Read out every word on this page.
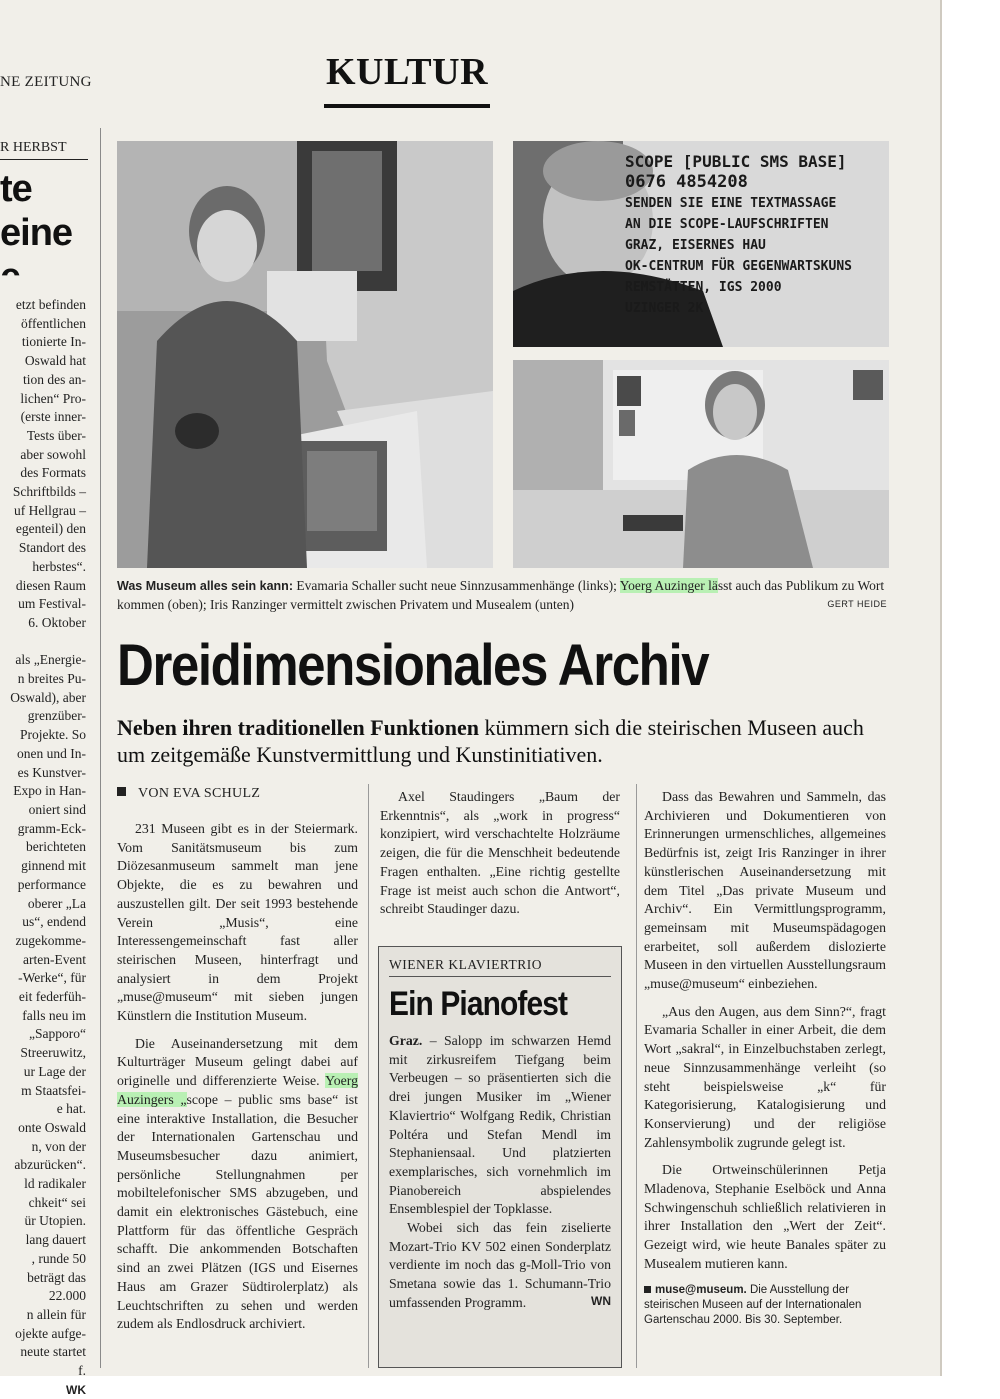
NE ZEITUNG	KULTUR
R HERBST
te
eine
etzt befinden
öffentlichen
tionierte In-
Oswald hat
tion des an-
lichen“ Pro-
(erste inner-
Tests über-
aber sowohl
des Formats
Schriftbilds –
uf Hellgrau –
egenteil) den
Standort des
herbstes“.
diesen Raum
um Festival-
6. Oktober

als „Energie-
n breites Pu-
Oswald), aber
grenzüber-
Projekte. So
onen und In-
es Kunstver-
Expo in Han-
oniert sind
gramm-Eck-
berichteten
ginnend mit
performance
oberer „La
us“, endend
zugekomme-
arten-Event
-Werke“, für
eit federfüh-
falls neu im
„Sapporo“
Streeruwitz,
ur Lage der
m Staatsfei-
e hat.
onte Oswald
n, von der
abzurücken“.
ld radikaler
chkeit“ sei
ür Utopien.
lang dauert
, runde 50
beträgt das
22.000
n allein für
ojekte aufge-
neute startet
f.
WK
SCOPE [PUBLIC SMS BASE]
0676 4854208
SENDEN SIE EINE TEXTMASSAGE
AN DIE SCOPE-LAUFSCHRIFTEN
GRAZ, EISERNES HAU
OK-CENTRUM FÜR GEGENWARTSKUNS
REMSTÄTTEN, IGS 2000
UZINGER 2K
Was Museum alles sein kann: Evamaria Schaller sucht neue Sinnzusammenhänge (links); Yoerg Auzinger lässt auch das Publikum zu Wort kommen (oben); Iris Ranzinger vermittelt zwischen Privatem und Musealem (unten)	GERT HEIDE
Dreidimensionales Archiv
Neben ihren traditionellen Funktionen kümmern sich die steirischen Museen auch um zeitgemäße Kunstvermittlung und Kunstinitiativen.
VON EVA SCHULZ

231 Museen gibt es in der Steiermark. Vom Sanitätsmuseum bis zum Diözesanmuseum sammelt man jene Objekte, die es zu bewahren und auszustellen gilt. Der seit 1993 bestehende Verein „Musis“, eine Interessengemeinschaft fast aller steirischen Museen, hinterfragt und analysiert in dem Projekt „muse@museum“ mit sieben jungen Künstlern die Institution Museum.

Die Auseinandersetzung mit dem Kulturträger Museum gelingt dabei auf originelle und differenzierte Weise. Yoerg Auzingers „scope – public sms base“ ist eine interaktive Installation, die Besucher der Internationalen Gartenschau und Museumsbesucher dazu animiert, persönliche Stellungnahmen per mobiltelefonischer SMS abzugeben, und damit ein elektronisches Gästebuch, eine Plattform für das öffentliche Gespräch schafft. Die ankommenden Botschaften sind an zwei Plätzen (IGS und Eisernes Haus am Grazer Südtirolerplatz) als Leuchtschriften zu sehen und werden zudem als Endlosdruck archiviert.

Axel Staudingers „Baum der Erkenntnis“, als „work in progress“ konzipiert, wird verschachtelte Holzräume zeigen, die für die Menschheit bedeutende Fragen enthalten. „Eine richtig gestellte Frage ist meist auch schon die Antwort“, schreibt Staudinger dazu.

WIENER KLAVIERTRIO
Ein Pianofest

Graz. – Salopp im schwarzen Hemd mit zirkusreifem Tiefgang beim Verbeugen – so präsentierten sich die drei jungen Musiker im „Wiener Klaviertrio“ Wolfgang Redik, Christian Poltéra und Stefan Mendl im Stephaniensaal. Und platzierten exemplarisches, sich vornehmlich im Pianobereich abspielendes Ensemblespiel der Topklasse.

Wobei sich das fein ziselierte Mozart-Trio KV 502 einen Sonderplatz verdiente im noch das g-Moll-Trio von Smetana sowie das 1. Schumann-Trio umfassenden Programm.	WN

Dass das Bewahren und Sammeln, das Archivieren und Dokumentieren von Erinnerungen urmenschliches, allgemeines Bedürfnis ist, zeigt Iris Ranzinger in ihrer künstlerischen Auseinandersetzung mit dem Titel „Das private Museum und Archiv“. Ein Vermittlungsprogramm, gemeinsam mit Museumspädagogen erarbeitet, soll außerdem dislozierte Museen in den virtuellen Ausstellungsraum „muse@museum“ einbeziehen.

„Aus den Augen, aus dem Sinn?“, fragt Evamaria Schaller in einer Arbeit, die dem Wort „sakral“, in Einzelbuchstaben zerlegt, neue Sinnzusammenhänge verleiht (so steht beispielsweise „k“ für Kategorisierung, Katalogisierung und Konservierung) und der religiöse Zahlensymbolik zugrunde gelegt ist.

Die Ortweinschülerinnen Petja Mladenova, Stephanie Eselböck und Anna Schwingenschuh schließlich relativieren in ihrer Installation den „Wert der Zeit“. Gezeigt wird, wie heute Banales später zu Musealem mutieren kann.

muse@museum. Die Ausstellung der steirischen Museen auf der Internationalen Gartenschau 2000. Bis 30. September.
